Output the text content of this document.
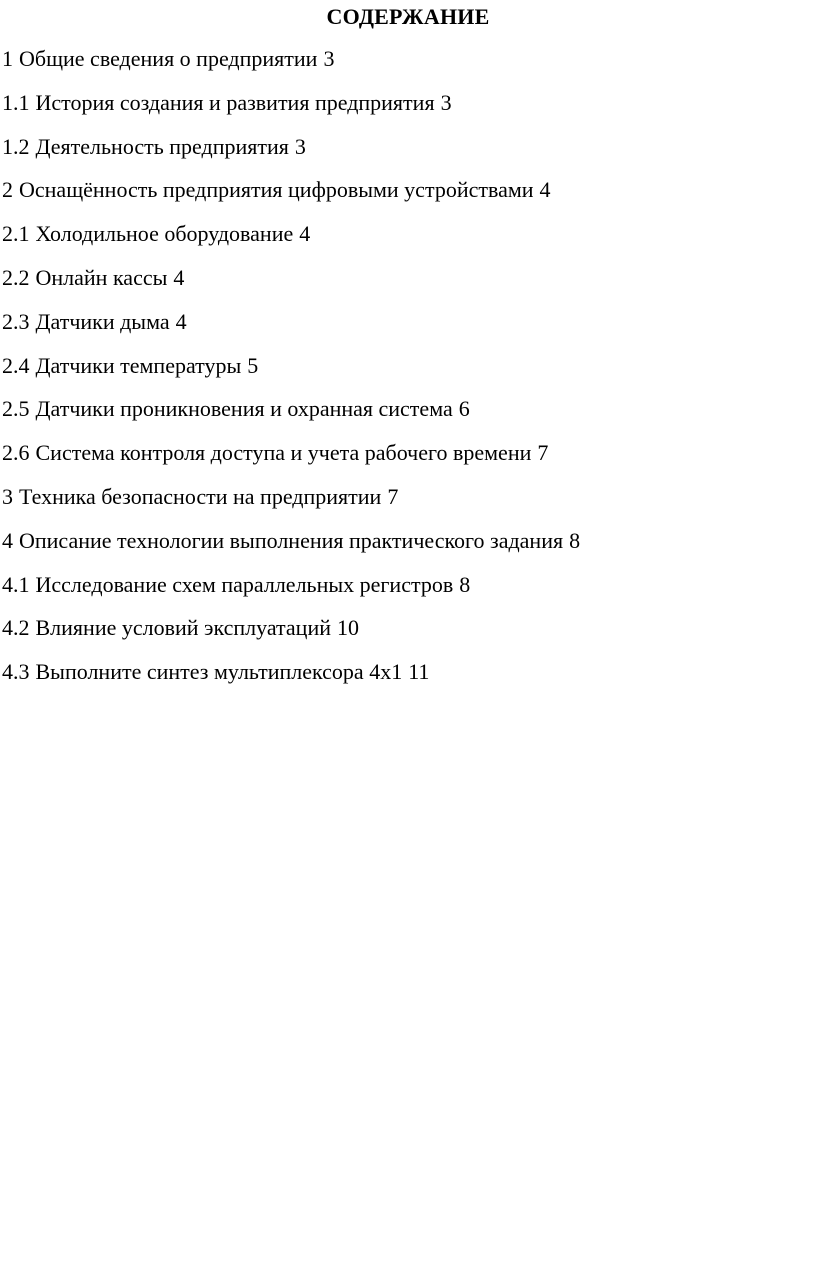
СОДЕРЖАНИЕ
1 Общие сведения о предприятии 3
1.1 История создания и развития предприятия 3
1.2 Деятельность предприятия 3
2 Оснащённость предприятия цифровыми устройствами 4
2.1 Холодильное оборудование 4
2.2 Онлайн кассы 4
2.3 Датчики дыма 4
2.4 Датчики температуры 5
2.5 Датчики проникновения и охранная система 6
2.6 Система контроля доступа и учета рабочего времени 7
3 Техника безопасности на предприятии 7
4 Описание технологии выполнения практического задания 8
4.1 Исследование схем параллельных регистров 8
4.2 Влияние условий эксплуатаций 10
4.3 Выполните синтез мультиплексора 4х1 11
